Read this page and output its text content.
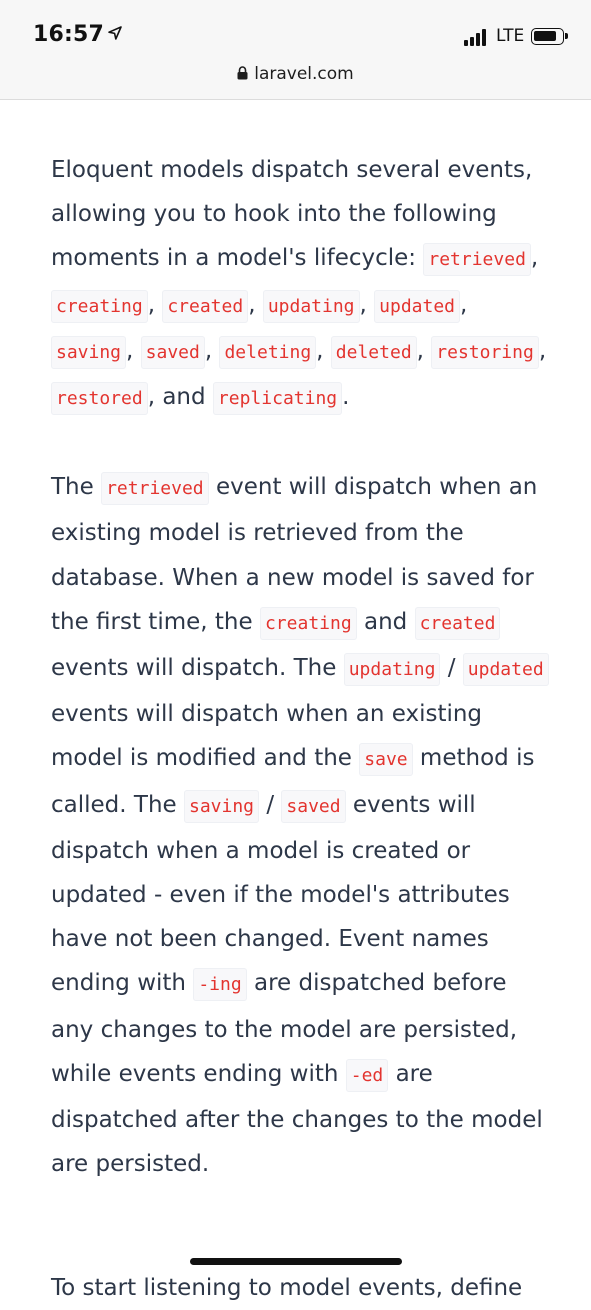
16:57	LTE
laravel.com

Eloquent models dispatch several events, allowing you to hook into the following moments in a model's lifecycle: retrieved , creating , created , updating , updated , saving , saved , deleting , deleted , restoring , restored , and replicating .

The retrieved event will dispatch when an existing model is retrieved from the database. When a new model is saved for the first time, the creating and created events will dispatch. The updating / updated events will dispatch when an existing model is modified and the save method is called. The saving / saved events will dispatch when a model is created or updated - even if the model's attributes have not been changed. Event names ending with -ing are dispatched before any changes to the model are persisted, while events ending with -ed are dispatched after the changes to the model are persisted.

To start listening to model events, define
